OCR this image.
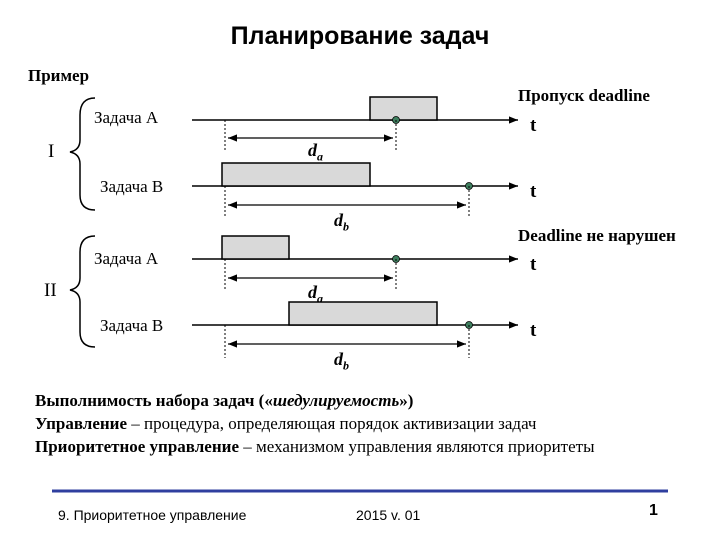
Планирование задач
Пример
I
Пропуск deadline
Задача А	t
$d_a$
Задача В	t
$d_b$
II
Deadline не нарушен
Задача А	t
$d_a$
Задача В	t
$d_b$
Выполнимость набора задач («шедулируемость»)
Управление – процедура, определяющая порядок активизации задач
Приоритетное управление – механизмом управления являются приоритеты
9. Приоритетное управление	2015 v. 01	1
